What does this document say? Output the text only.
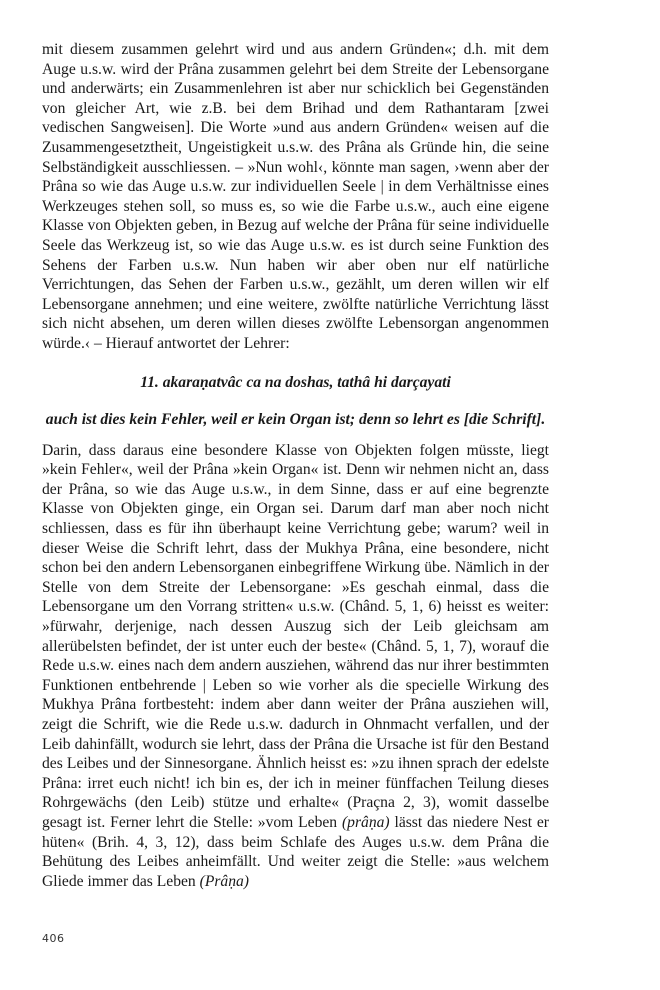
mit diesem zusammen gelehrt wird und aus andern Gründen«; d.h. mit dem Auge u.s.w. wird der Prâna zusammen gelehrt bei dem Streite der Lebensorgane und anderwärts; ein Zusammenlehren ist aber nur schicklich bei Gegenständen von gleicher Art, wie z.B. bei dem Brihad und dem Rathantaram [zwei vedischen Sangweisen]. Die Worte »und aus andern Gründen« weisen auf die Zusammengesetztheit, Ungeistigkeit u.s.w. des Prâna als Gründe hin, die seine Selbständigkeit ausschliessen. – »Nun wohl‹, könnte man sagen, ›wenn aber der Prâna so wie das Auge u.s.w. zur individuellen Seele | in dem Verhältnisse eines Werkzeuges stehen soll, so muss es, so wie die Farbe u.s.w., auch eine eigene Klasse von Objekten geben, in Bezug auf welche der Prâna für seine individuelle Seele das Werkzeug ist, so wie das Auge u.s.w. es ist durch seine Funktion des Sehens der Farben u.s.w. Nun haben wir aber oben nur elf natürliche Verrichtungen, das Sehen der Farben u.s.w., gezählt, um deren willen wir elf Lebensorgane annehmen; und eine weitere, zwölfte natürliche Verrichtung lässt sich nicht absehen, um deren willen dieses zwölfte Lebensorgan angenommen würde.‹ – Hierauf antwortet der Lehrer:

11. akaraṇatvâc ca na doshas, tathâ hi darçayati

auch ist dies kein Fehler, weil er kein Organ ist; denn so lehrt es [die Schrift].

Darin, dass daraus eine besondere Klasse von Objekten folgen müsste, liegt »kein Fehler«, weil der Prâna »kein Organ« ist. Denn wir nehmen nicht an, dass der Prâna, so wie das Auge u.s.w., in dem Sinne, dass er auf eine begrenzte Klasse von Objekten ginge, ein Organ sei. Darum darf man aber noch nicht schliessen, dass es für ihn überhaupt keine Verrichtung gebe; warum? weil in dieser Weise die Schrift lehrt, dass der Mukhya Prâna, eine besondere, nicht schon bei den andern Lebensorganen einbegriffene Wirkung übe. Nämlich in der Stelle von dem Streite der Lebensorgane: »Es geschah einmal, dass die Lebensorgane um den Vorrang stritten« u.s.w. (Chând. 5, 1, 6) heisst es weiter: »fürwahr, derjenige, nach dessen Auszug sich der Leib gleichsam am allerübelsten befindet, der ist unter euch der beste« (Chând. 5, 1, 7), worauf die Rede u.s.w. eines nach dem andern ausziehen, während das nur ihrer bestimmten Funktionen entbehrende | Leben so wie vorher als die specielle Wirkung des Mukhya Prâna fortbesteht: indem aber dann weiter der Prâna ausziehen will, zeigt die Schrift, wie die Rede u.s.w. dadurch in Ohnmacht verfallen, und der Leib dahinfällt, wodurch sie lehrt, dass der Prâna die Ursache ist für den Bestand des Leibes und der Sinnesorgane. Ähnlich heisst es: »zu ihnen sprach der edelste Prâna: irret euch nicht! ich bin es, der ich in meiner fünffachen Teilung dieses Rohrgewächs (den Leib) stütze und erhalte« (Praçna 2, 3), womit dasselbe gesagt ist. Ferner lehrt die Stelle: »vom Leben (prâṇa) lässt das niedere Nest er hüten« (Brih. 4, 3, 12), dass beim Schlafe des Auges u.s.w. dem Prâna die Behütung des Leibes anheimfällt. Und weiter zeigt die Stelle: »aus welchem Gliede immer das Leben (Prâṇa)

406
